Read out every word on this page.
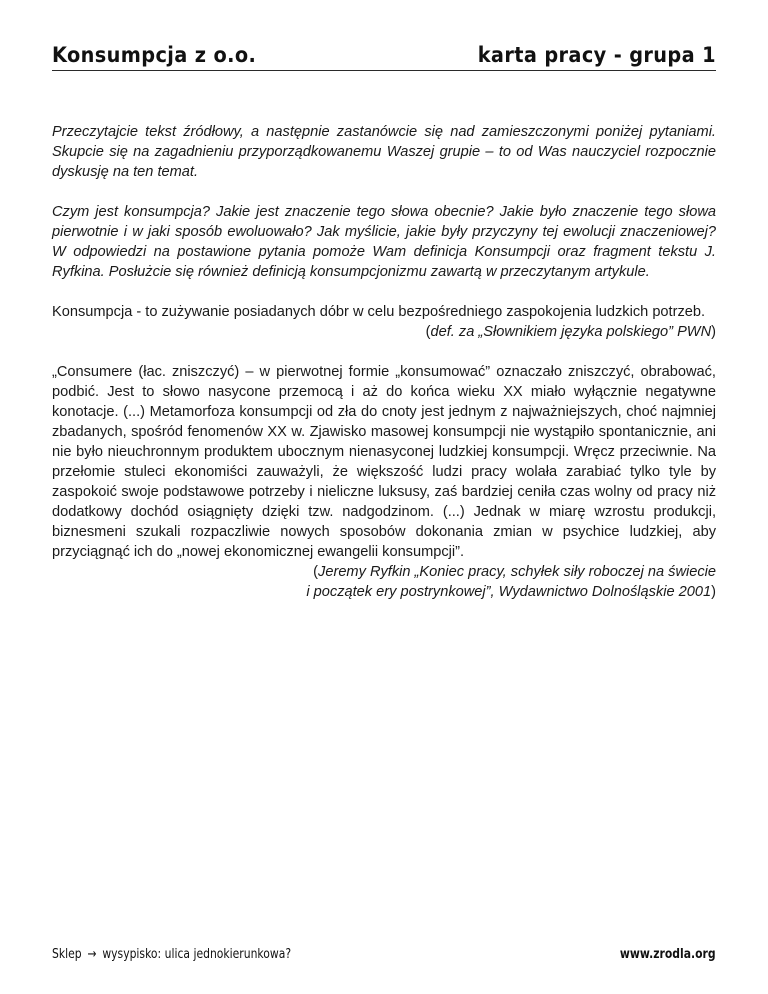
Konsumpcja z o.o.	karta pracy - grupa 1

Przeczytajcie tekst źródłowy, a następnie zastanówcie się nad zamieszczonymi poniżej pytaniami. Skupcie się na zagadnieniu przyporządkowanemu Waszej grupie – to od Was nauczyciel rozpocznie dyskusję na ten temat.

Czym jest konsumpcja? Jakie jest znaczenie tego słowa obecnie? Jakie było znaczenie tego słowa pierwotnie i w jaki sposób ewoluowało? Jak myślicie, jakie były przyczyny tej ewolucji znaczeniowej? W odpowiedzi na postawione pytania pomoże Wam definicja Konsumpcji oraz fragment tekstu J. Ryfkina. Posłużcie się również definicją konsumpcjonizmu zawartą w przeczytanym artykule.

Konsumpcja - to zużywanie posiadanych dóbr w celu bezpośredniego zaspokojenia ludzkich potrzeb.

(def. za „Słownikiem języka polskiego” PWN)

„Consumere (łac. zniszczyć) – w pierwotnej formie „konsumować” oznaczało zniszczyć, obrabować, podbić. Jest to słowo nasycone przemocą i aż do końca wieku XX miało wyłącznie negatywne konotacje. (...) Metamorfoza konsumpcji od zła do cnoty jest jednym z najważniejszych, choć najmniej zbadanych, spośród fenomenów XX w. Zjawisko masowej konsumpcji nie wystąpiło spontanicznie, ani nie było nieuchronnym produktem ubocznym nienasyconej ludzkiej konsumpcji. Wręcz przeciwnie. Na przełomie stuleci ekonomiści zauważyli, że większość ludzi pracy wolała zarabiać tylko tyle by zaspokoić swoje podstawowe potrzeby i nieliczne luksusy, zaś bardziej ceniła czas wolny od pracy niż dodatkowy dochód osiągnięty dzięki tzw. nadgodzinom. (...) Jednak w miarę wzrostu produkcji, biznesmeni szukali rozpaczliwie nowych sposobów dokonania zmian w psychice ludzkiej, aby przyciągnąć ich do „nowej ekonomicznej ewangelii konsumpcji”.

(Jeremy Ryfkin „Koniec pracy, schyłek siły roboczej na świecie
i początek ery postrynkowej”, Wydawnictwo Dolnośląskie 2001)
Sklep → wysypisko: ulica jednokierunkowa?	www.zrodla.org
